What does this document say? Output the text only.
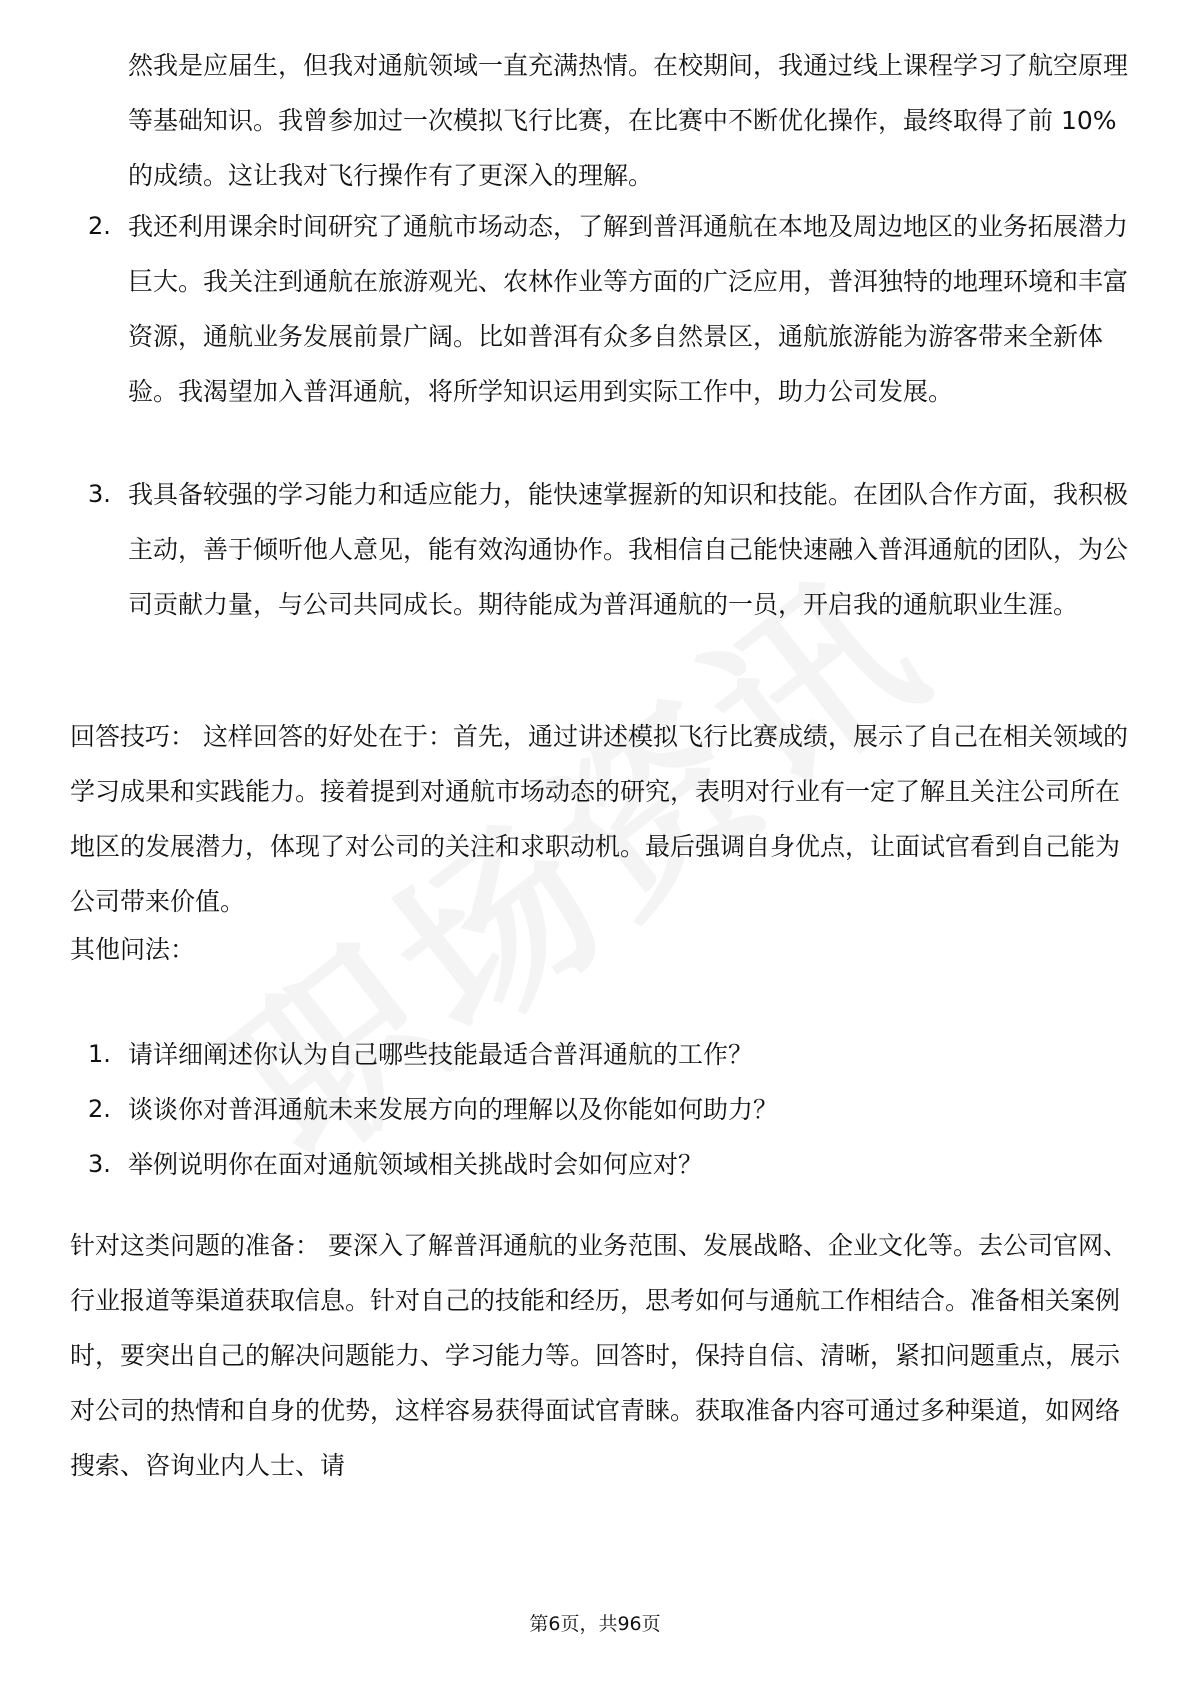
然我是应届生，但我对通航领域一直充满热情。在校期间，我通过线上课程学习了航空原理等基础知识。我曾参加过一次模拟飞行比赛，在比赛中不断优化操作，最终取得了前 10%的成绩。这让我对飞行操作有了更深入的理解。

2. 我还利用课余时间研究了通航市场动态，了解到普洱通航在本地及周边地区的业务拓展潜力巨大。我关注到通航在旅游观光、农林作业等方面的广泛应用，普洱独特的地理环境和丰富资源，通航业务发展前景广阔。比如普洱有众多自然景区，通航旅游能为游客带来全新体验。我渴望加入普洱通航，将所学知识运用到实际工作中，助力公司发展。

3. 我具备较强的学习能力和适应能力，能快速掌握新的知识和技能。在团队合作方面，我积极主动，善于倾听他人意见，能有效沟通协作。我相信自己能快速融入普洱通航的团队，为公司贡献力量，与公司共同成长。期待能成为普洱通航的一员，开启我的通航职业生涯。

回答技巧： 这样回答的好处在于：首先，通过讲述模拟飞行比赛成绩，展示了自己在相关领域的学习成果和实践能力。接着提到对通航市场动态的研究，表明对行业有一定了解且关注公司所在地区的发展潜力，体现了对公司的关注和求职动机。最后强调自身优点，让面试官看到自己能为公司带来价值。

其他问法：

1. 请详细阐述你认为自己哪些技能最适合普洱通航的工作？

2. 谈谈你对普洱通航未来发展方向的理解以及你能如何助力？

3. 举例说明你在面对通航领域相关挑战时会如何应对？

针对这类问题的准备： 要深入了解普洱通航的业务范围、发展战略、企业文化等。去公司官网、行业报道等渠道获取信息。针对自己的技能和经历，思考如何与通航工作相结合。准备相关案例时，要突出自己的解决问题能力、学习能力等。回答时，保持自信、清晰，紧扣问题重点，展示对公司的热情和自身的优势，这样容易获得面试官青睐。获取准备内容可通过多种渠道，如网络搜索、咨询业内人士、请

第6页，共96页
